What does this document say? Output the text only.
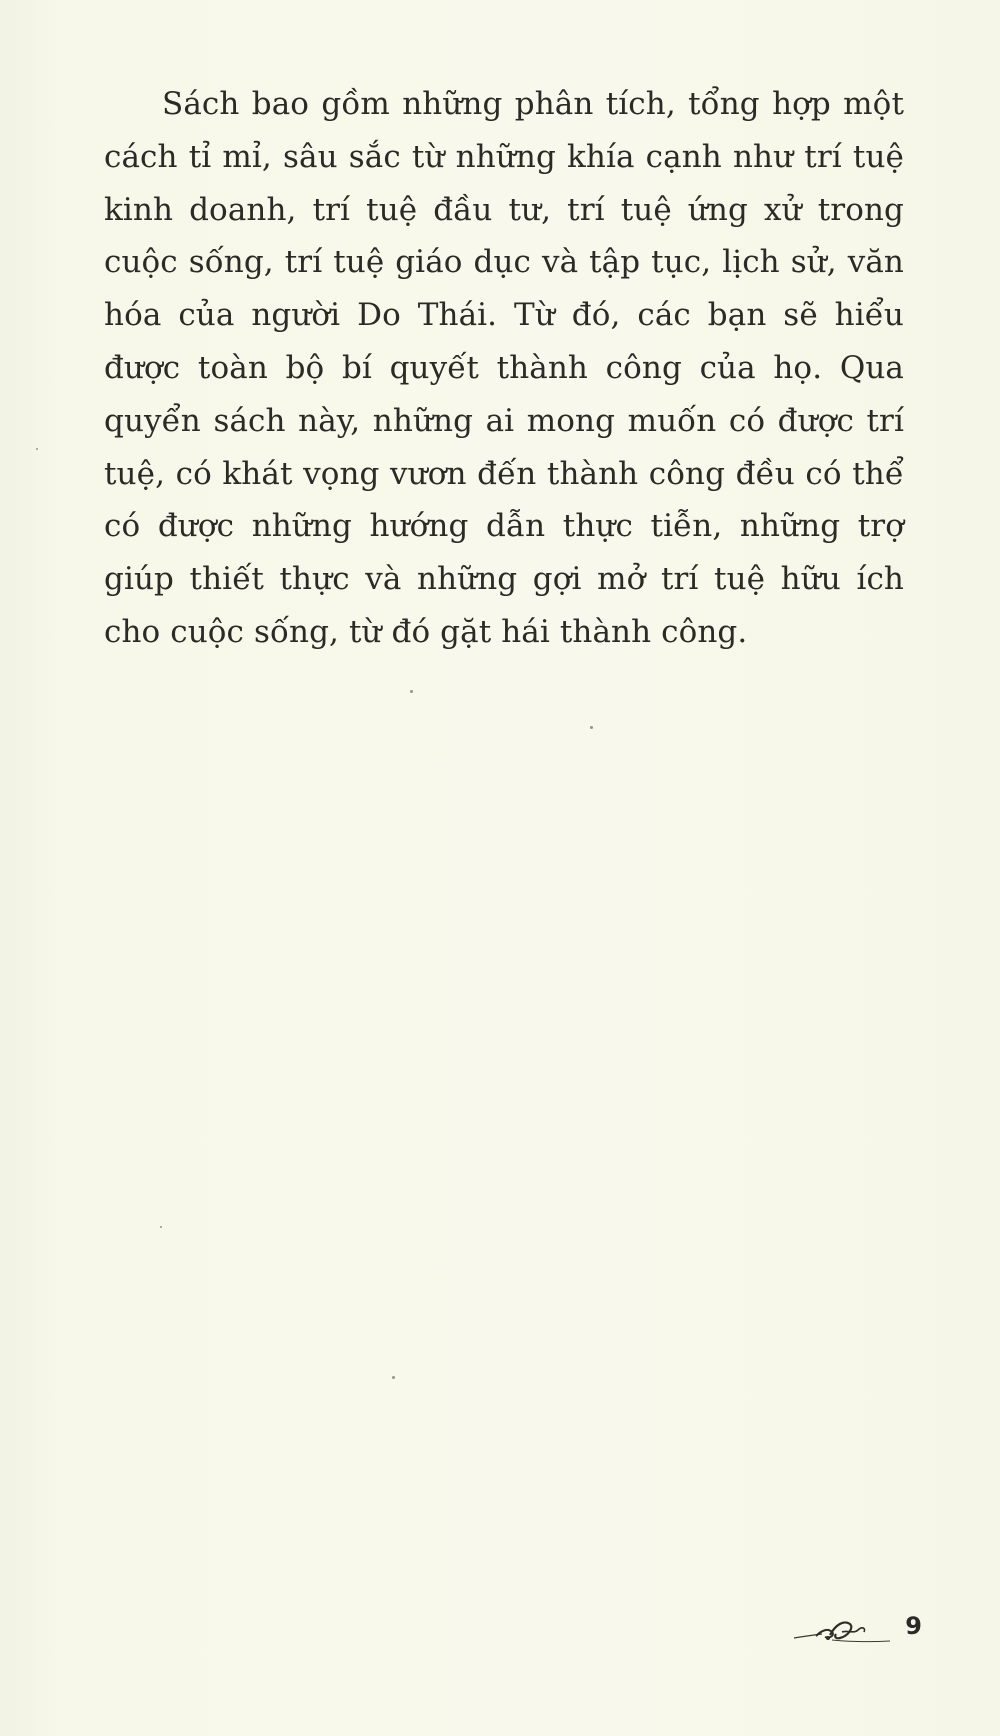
Sách bao gồm những phân tích, tổng hợp một
cách tỉ mỉ, sâu sắc từ những khía cạnh như trí tuệ
kinh doanh, trí tuệ đầu tư, trí tuệ ứng xử trong
cuộc sống, trí tuệ giáo dục và tập tục, lịch sử, văn
hóa của người Do Thái. Từ đó, các bạn sẽ hiểu
được toàn bộ bí quyết thành công của họ. Qua
quyển sách này, những ai mong muốn có được trí
tuệ, có khát vọng vươn đến thành công đều có thể
có được những hướng dẫn thực tiễn, những trợ
giúp thiết thực và những gợi mở trí tuệ hữu ích
cho cuộc sống, từ đó gặt hái thành công.
9
